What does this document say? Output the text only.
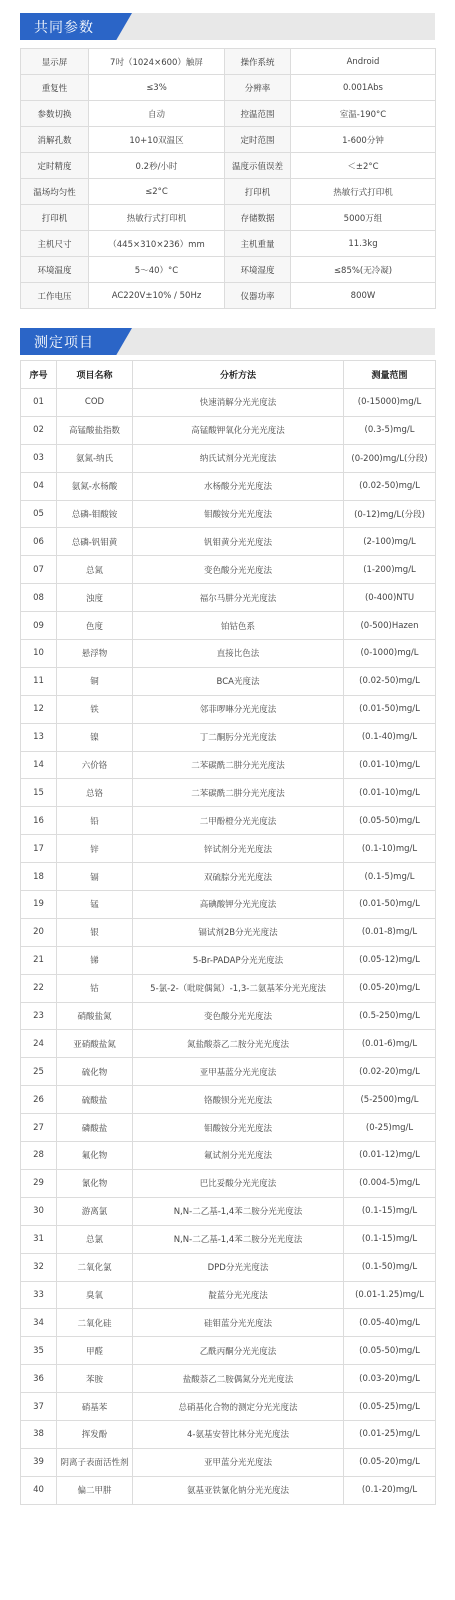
共同参数
显示屏	7吋（1024×600）触屏	操作系统	Android
重复性	≤3%	分辨率	0.001Abs
参数切换	自动	控温范围	室温-190°C
消解孔数	10+10双温区	定时范围	1-600分钟
定时精度	0.2秒/小时	温度示值误差	＜±2°C
温场均匀性	≤2°C	打印机	热敏行式打印机
打印机	热敏行式打印机	存储数据	5000万组
主机尺寸	（445×310×236）mm	主机重量	11.3kg
环境温度	5～40）°C	环境湿度	≤85%(无冷凝)
工作电压	AC220V±10% / 50Hz	仪器功率	800W
测定项目
序号	项目名称	分析方法	测量范围
01	COD	快速消解分光光度法	(0-15000)mg/L
02	高锰酸盐指数	高锰酸钾氧化分光光度法	(0.3-5)mg/L
03	氨氮-纳氏	纳氏试剂分光光度法	(0-200)mg/L(分段)
04	氨氮-水杨酸	水杨酸分光光度法	(0.02-50)mg/L
05	总磷-钼酸铵	钼酸铵分光光度法	(0-12)mg/L(分段)
06	总磷-钒钼黄	钒钼黄分光光度法	(2-100)mg/L
07	总氮	变色酸分光光度法	(1-200)mg/L
08	浊度	福尔马肼分光光度法	(0-400)NTU
09	色度	铂钴色系	(0-500)Hazen
10	悬浮物	直接比色法	(0-1000)mg/L
11	铜	BCA光度法	(0.02-50)mg/L
12	铁	邻菲啰啉分光光度法	(0.01-50)mg/L
13	镍	丁二酮肟分光光度法	(0.1-40)mg/L
14	六价铬	二苯碳酰二肼分光光度法	(0.01-10)mg/L
15	总铬	二苯碳酰二肼分光光度法	(0.01-10)mg/L
16	铅	二甲酚橙分光光度法	(0.05-50)mg/L
17	锌	锌试剂分光光度法	(0.1-10)mg/L
18	镉	双硫腙分光光度法	(0.1-5)mg/L
19	锰	高碘酸钾分光光度法	(0.01-50)mg/L
20	银	镉试剂2B分光光度法	(0.01-8)mg/L
21	锑	5-Br-PADAP分光光度法	(0.05-12)mg/L
22	钴	5-氯-2-（吡啶偶氮）-1,3-二氨基苯分光光度法	(0.05-20)mg/L
23	硝酸盐氮	变色酸分光光度法	(0.5-250)mg/L
24	亚硝酸盐氮	氮盐酸萘乙二胺分光光度法	(0.01-6)mg/L
25	硫化物	亚甲基蓝分光光度法	(0.02-20)mg/L
26	硫酸盐	铬酸钡分光光度法	(5-2500)mg/L
27	磷酸盐	钼酸铵分光光度法	(0-25)mg/L
28	氟化物	氟试剂分光光度法	(0.01-12)mg/L
29	氰化物	巴比妥酸分光光度法	(0.004-5)mg/L
30	游离氯	N,N-二乙基-1,4苯二胺分光光度法	(0.1-15)mg/L
31	总氯	N,N-二乙基-1,4苯二胺分光光度法	(0.1-15)mg/L
32	二氧化氯	DPD分光光度法	(0.1-50)mg/L
33	臭氧	靛蓝分光光度法	(0.01-1.25)mg/L
34	二氧化硅	硅钼蓝分光光度法	(0.05-40)mg/L
35	甲醛	乙酰丙酮分光光度法	(0.05-50)mg/L
36	苯胺	盐酸萘乙二胺偶氮分光光度法	(0.03-20)mg/L
37	硝基苯	总硝基化合物的测定分光光度法	(0.05-25)mg/L
38	挥发酚	4-氨基安替比林分光光度法	(0.01-25)mg/L
39	阴离子表面活性剂	亚甲蓝分光光度法	(0.05-20)mg/L
40	偏二甲肼	氨基亚铁氰化钠分光光度法	(0.1-20)mg/L
